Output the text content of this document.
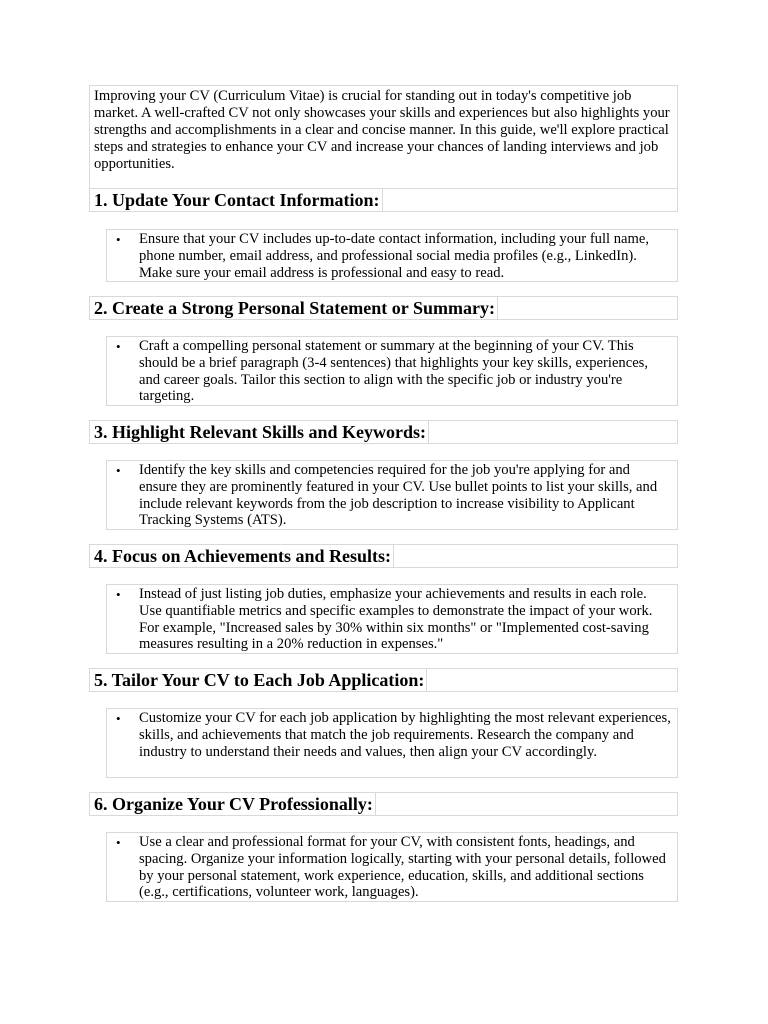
Improving your CV (Curriculum Vitae) is crucial for standing out in today's competitive job market. A well-crafted CV not only showcases your skills and experiences but also highlights your strengths and accomplishments in a clear and concise manner. In this guide, we'll explore practical steps and strategies to enhance your CV and increase your chances of landing interviews and job opportunities.
1. Update Your Contact Information:
• Ensure that your CV includes up-to-date contact information, including your full name, phone number, email address, and professional social media profiles (e.g., LinkedIn). Make sure your email address is professional and easy to read.
2. Create a Strong Personal Statement or Summary:
• Craft a compelling personal statement or summary at the beginning of your CV. This should be a brief paragraph (3-4 sentences) that highlights your key skills, experiences, and career goals. Tailor this section to align with the specific job or industry you're targeting.
3. Highlight Relevant Skills and Keywords:
• Identify the key skills and competencies required for the job you're applying for and ensure they are prominently featured in your CV. Use bullet points to list your skills, and include relevant keywords from the job description to increase visibility to Applicant Tracking Systems (ATS).
4. Focus on Achievements and Results:
• Instead of just listing job duties, emphasize your achievements and results in each role. Use quantifiable metrics and specific examples to demonstrate the impact of your work. For example, "Increased sales by 30% within six months" or "Implemented cost-saving measures resulting in a 20% reduction in expenses."
5. Tailor Your CV to Each Job Application:
• Customize your CV for each job application by highlighting the most relevant experiences, skills, and achievements that match the job requirements. Research the company and industry to understand their needs and values, then align your CV accordingly.
6. Organize Your CV Professionally:
• Use a clear and professional format for your CV, with consistent fonts, headings, and spacing. Organize your information logically, starting with your personal details, followed by your personal statement, work experience, education, skills, and additional sections (e.g., certifications, volunteer work, languages).
